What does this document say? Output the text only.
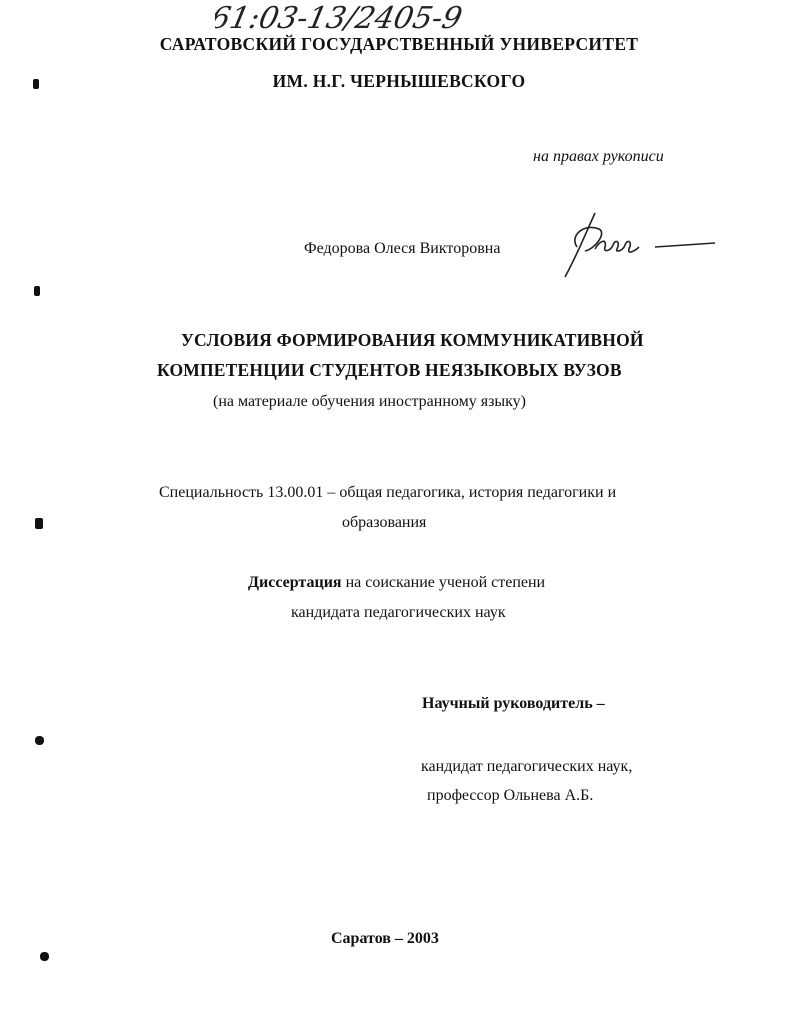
61:03-13/2405-9
САРАТОВСКИЙ ГОСУДАРСТВЕННЫЙ УНИВЕРСИТЕТ
ИМ. Н.Г. ЧЕРНЫШЕВСКОГО
на правах рукописи
Федорова Олеся Викторовна
УСЛОВИЯ ФОРМИРОВАНИЯ КОММУНИКАТИВНОЙ
КОМПЕТЕНЦИИ СТУДЕНТОВ НЕЯЗЫКОВЫХ ВУЗОВ
(на материале обучения иностранному языку)
Специальность 13.00.01 – общая педагогика, история педагогики и
образования
Диссертация на соискание ученой степени
кандидата педагогических наук
Научный руководитель –
кандидат педагогических наук,
профессор Ольнева А.Б.
Саратов – 2003
